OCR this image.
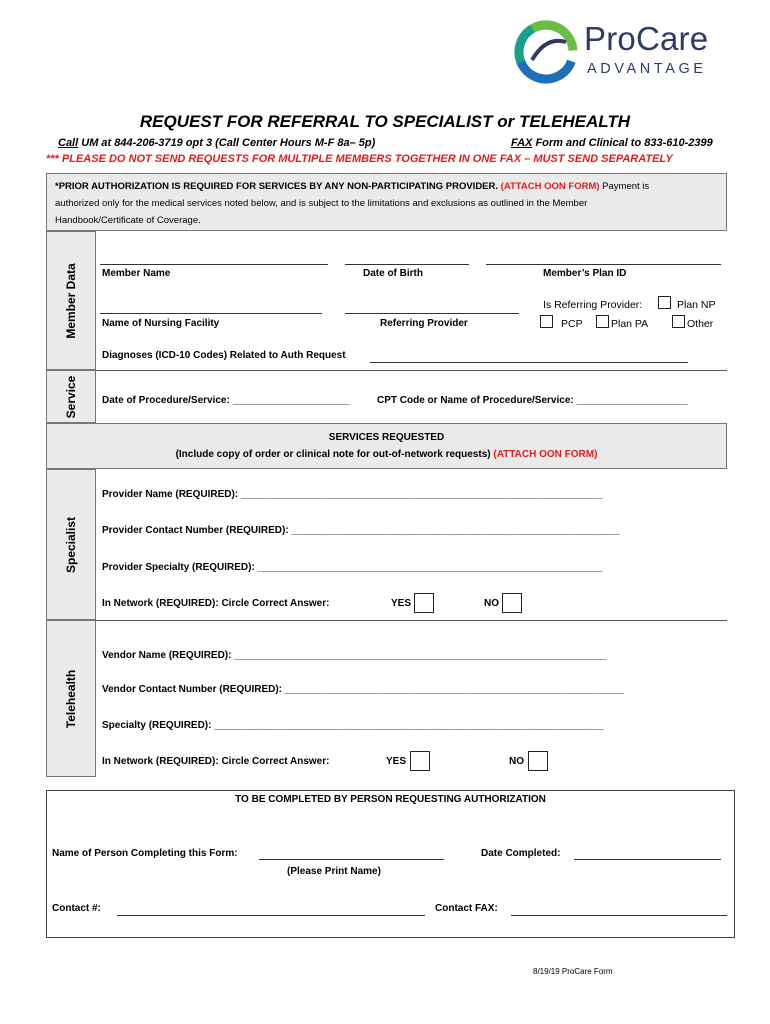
ProCare
ADVANTAGE
REQUEST FOR REFERRAL TO SPECIALIST or TELEHEALTH
Call UM at 844-206-3719 opt 3 (Call Center Hours M-F 8a– 5p)	FAX Form and Clinical to 833-610-2399
*** PLEASE DO NOT SEND REQUESTS FOR MULTIPLE MEMBERS TOGETHER IN ONE FAX – MUST SEND SEPARATELY
*PRIOR AUTHORIZATION IS REQUIRED FOR SERVICES BY ANY NON-PARTICIPATING PROVIDER. (ATTACH OON FORM) Payment is
authorized only for the medical services noted below, and is subject to the limitations and exclusions as outlined in the Member
Handbook/Certificate of Coverage.
Member Data
Service
Specialist
Telehealth
Member Name	Date of Birth	Member’s Plan ID
Name of Nursing Facility	Referring Provider
Is Referring Provider:	Plan NP
PCP	Plan PA	Other
Diagnoses (ICD-10 Codes) Related to Auth Request
Date of Procedure/Service: _____________________	CPT Code or Name of Procedure/Service: ____________________
SERVICES REQUESTED
(Include copy of order or clinical note for out-of-network requests) (ATTACH OON FORM)
Provider Name (REQUIRED): _________________________________________________________________
Provider Contact Number (REQUIRED): ___________________________________________________________
Provider Specialty (REQUIRED): ______________________________________________________________
In Network (REQUIRED): Circle Correct Answer:	YES	NO
Vendor Name (REQUIRED): ___________________________________________________________________
Vendor Contact Number (REQUIRED): _____________________________________________________________
Specialty (REQUIRED): ______________________________________________________________________
In Network (REQUIRED): Circle Correct Answer:	YES	NO
TO BE COMPLETED BY PERSON REQUESTING AUTHORIZATION
Name of Person Completing this Form:	Date Completed:
(Please Print Name)
Contact #:	Contact FAX:
8/19/19 ProCare Form
